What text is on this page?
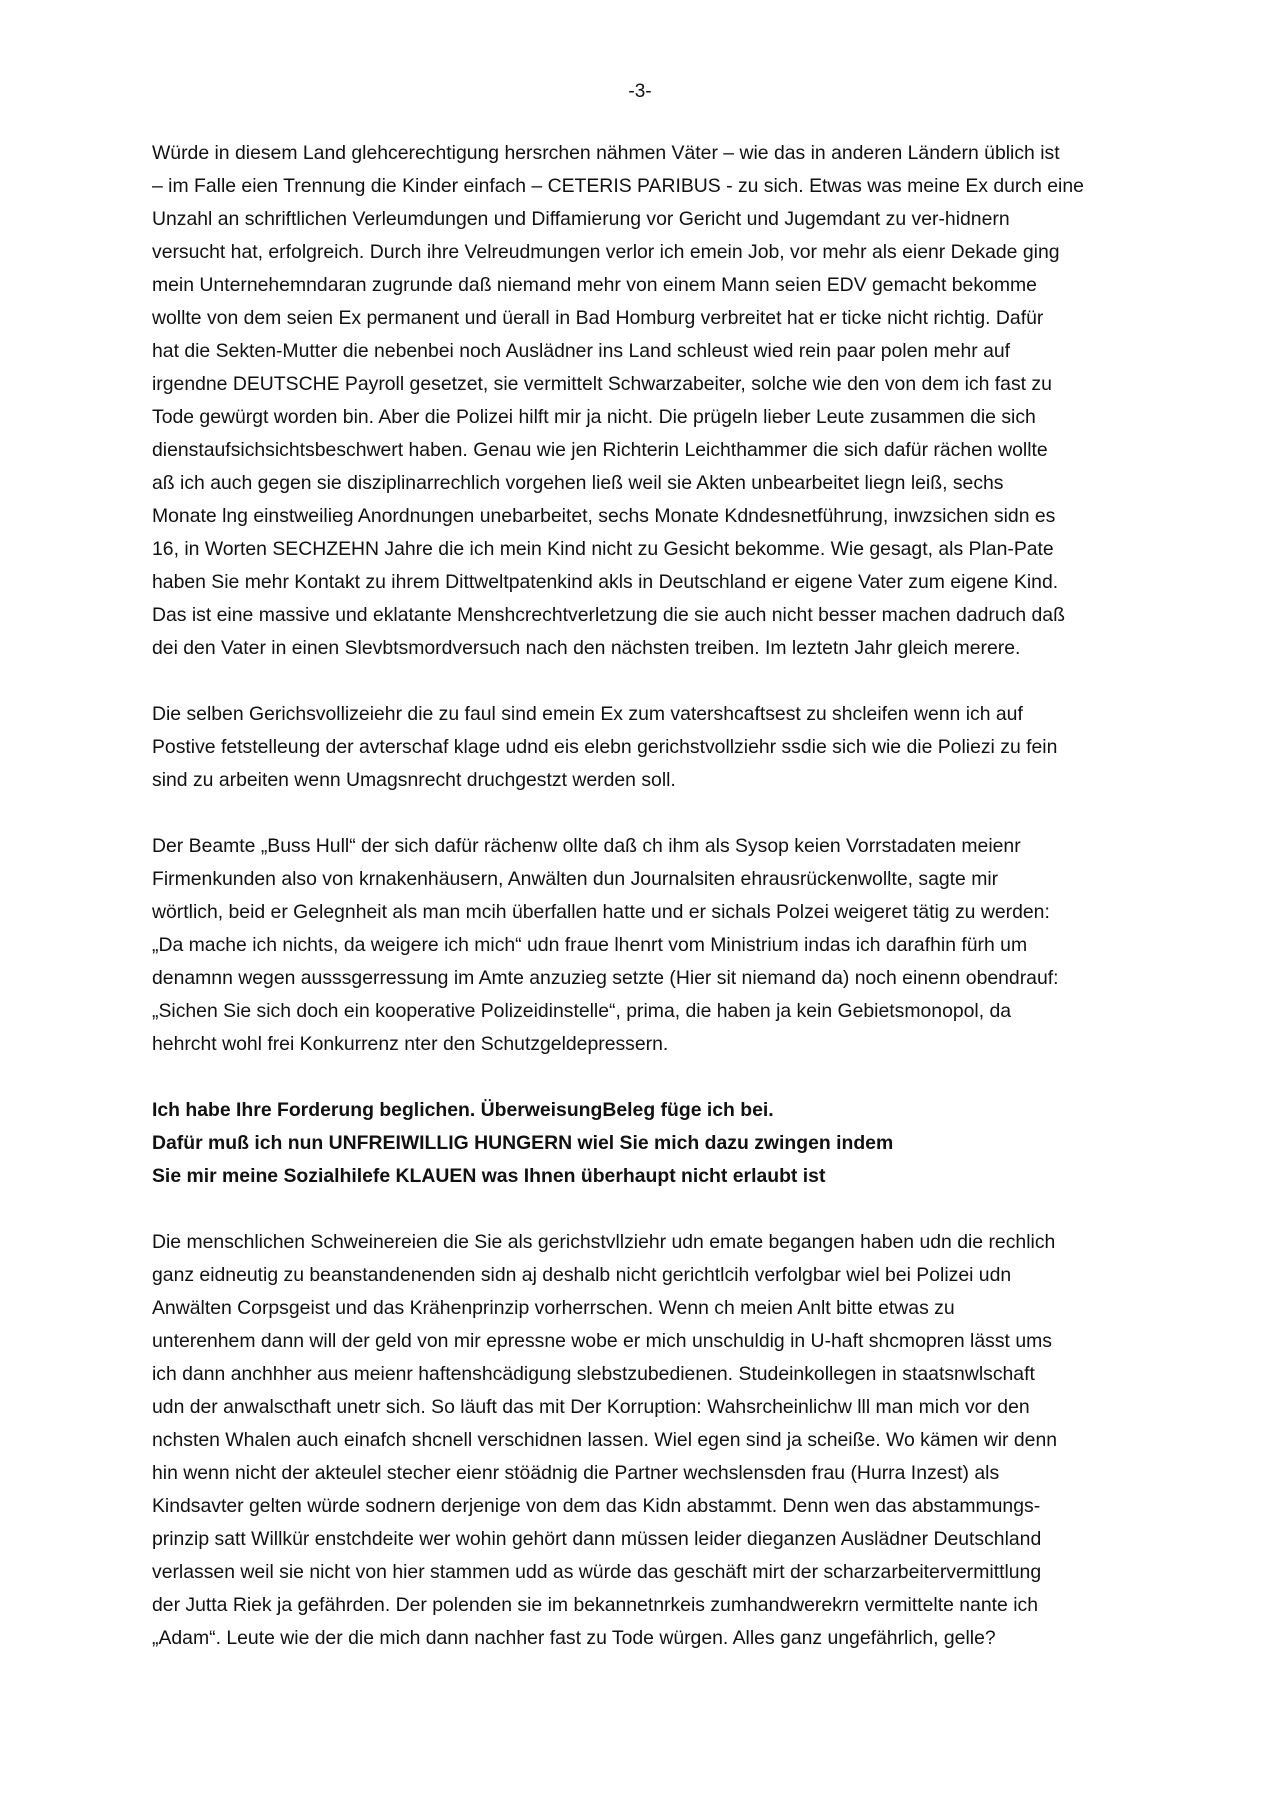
-3-
Würde in diesem Land glehcerechtigung hersrchen nähmen Väter – wie das in anderen Ländern üblich ist
– im Falle eien Trennung die Kinder einfach – CETERIS PARIBUS - zu sich. Etwas was meine Ex durch eine
Unzahl an schriftlichen Verleumdungen und Diffamierung vor Gericht und Jugemdant zu ver-hidnern
versucht hat, erfolgreich. Durch ihre Velreudmungen verlor ich emein Job, vor mehr als eienr Dekade ging
mein Unternehemndaran zugrunde daß niemand mehr von einem Mann seien EDV gemacht bekomme
wollte von dem seien Ex permanent und üerall in Bad Homburg verbreitet hat er ticke nicht richtig. Dafür
hat die Sekten-Mutter die nebenbei noch Auslädner ins Land schleust wied rein paar polen mehr auf
irgendne DEUTSCHE Payroll gesetzet, sie vermittelt Schwarzabeiter, solche wie den von dem ich fast zu
Tode gewürgt worden bin. Aber die Polizei hilft mir ja nicht. Die prügeln lieber Leute zusammen die sich
dienstaufsichsichtsbeschwert haben. Genau wie jen Richterin Leichthammer die sich dafür rächen wollte
aß ich auch gegen sie disziplinarrechlich vorgehen ließ weil sie Akten unbearbeitet liegn leiß, sechs
Monate lng einstweilieg Anordnungen unebarbeitet, sechs Monate Kdndesnetführung, inwzsichen sidn es
16, in Worten SECHZEHN Jahre die ich mein Kind nicht zu Gesicht bekomme. Wie gesagt, als Plan-Pate
haben Sie mehr Kontakt zu ihrem Dittweltpatenkind akls in Deutschland er eigene Vater zum eigene Kind.
Das ist eine massive und eklatante Menshcrechtverletzung die sie auch nicht besser machen dadruch daß
dei den Vater in einen Slevbtsmordversuch nach den nächsten treiben. Im leztetn Jahr gleich merere.
Die selben Gerichsvollizeiehr die zu faul sind emein Ex zum vatershcaftsest zu shcleifen wenn ich auf
Postive fetstelleung der avterschaf klage udnd eis elebn gerichstvollziehr ssdie sich wie die Poliezi zu fein
sind zu arbeiten wenn Umagsnrecht druchgestzt werden soll.
Der Beamte „Buss Hull“ der sich dafür rächenw ollte daß ch ihm als Sysop keien Vorrstadaten meienr
Firmenkunden also von krnakenhäusern, Anwälten dun Journalsiten ehrausrückenwollte, sagte mir
wörtlich, beid er Gelegnheit als man mcih überfallen hatte und er sichals Polzei weigeret tätig zu werden:
„Da mache ich nichts, da weigere ich mich“ udn fraue lhenrt vom Ministrium indas ich darafhin fürh um
denamnn wegen ausssgerressung im Amte anzuzieg setzte (Hier sit niemand da) noch einenn obendrauf:
„Sichen Sie sich doch ein kooperative Polizeidinstelle“, prima, die haben ja kein Gebietsmonopol, da
hehrcht wohl frei Konkurrenz nter den Schutzgeldepressern.
Ich habe Ihre Forderung beglichen. ÜberweisungBeleg füge ich bei.
Dafür muß ich nun UNFREIWILLIG HUNGERN wiel Sie mich dazu zwingen indem
Sie mir meine Sozialhilefe KLAUEN was Ihnen überhaupt nicht erlaubt ist
Die menschlichen Schweinereien die Sie als gerichstvllziehr udn emate begangen haben udn die rechlich
ganz eidneutig zu beanstandenenden sidn aj deshalb nicht gerichtlcih verfolgbar wiel bei Polizei udn
Anwälten Corpsgeist und das Krähenprinzip vorherrschen. Wenn ch meien Anlt bitte etwas zu
unterenhem dann will der geld von mir epressne wobe er mich unschuldig in U-haft shcmopren lässt ums
ich dann anchhher aus meienr haftenshcädigung slebstzubedienen. Studeinkollegen in staatsnwlschaft
udn der anwalscthaft unetr sich. So läuft das mit Der Korruption: Wahsrcheinlichw lll man mich vor den
nchsten Whalen auch einafch shcnell verschidnen lassen. Wiel egen sind ja scheiße. Wo kämen wir denn
hin wenn nicht der akteulel stecher eienr stöädnig die Partner wechslensden frau (Hurra Inzest) als
Kindsavter gelten würde sodnern derjenige von dem das Kidn abstammt. Denn wen das abstammungs-
prinzip satt Willkür enstchdeite wer wohin gehört dann müssen leider dieganzen Auslädner Deutschland
verlassen weil sie nicht von hier stammen udd as würde das geschäft mirt der scharzarbeitervermittlung
der Jutta Riek ja gefährden. Der polenden sie im bekannetnrkeis zumhandwerekrn vermittelte nante ich
„Adam“. Leute wie der die mich dann nachher fast zu Tode würgen. Alles ganz ungefährlich, gelle?
